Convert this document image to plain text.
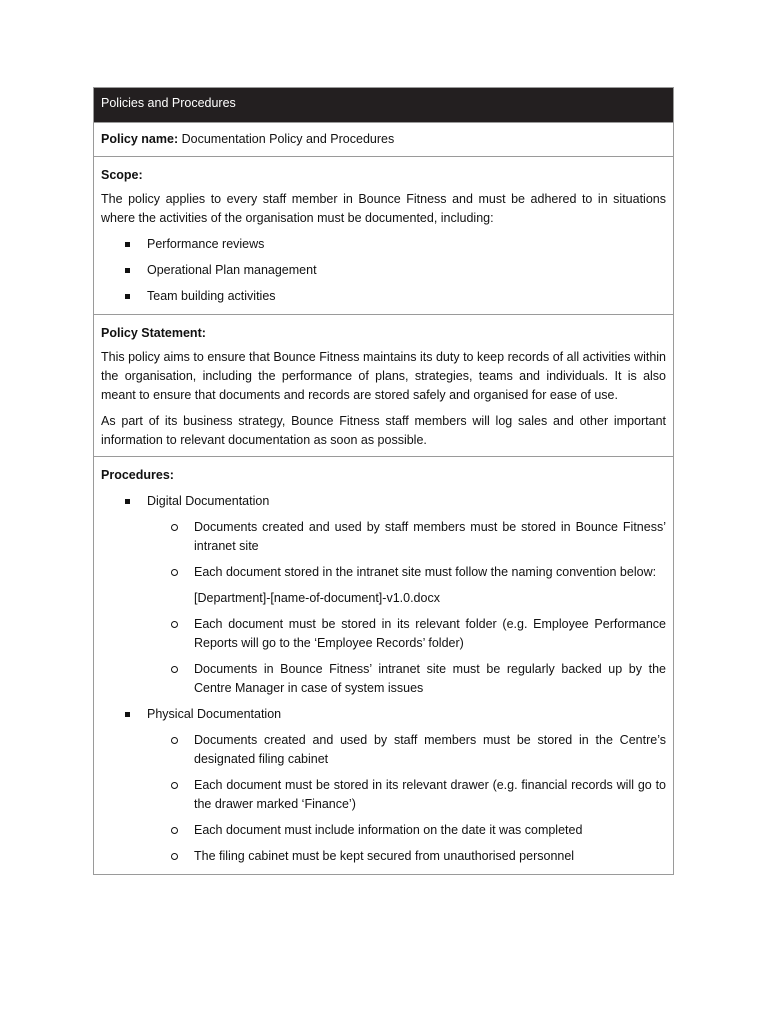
Policies and Procedures
Policy name: Documentation Policy and Procedures
Scope:

The policy applies to every staff member in Bounce Fitness and must be adhered to in situations where the activities of the organisation must be documented, including:

Performance reviews
Operational Plan management
Team building activities
Policy Statement:

This policy aims to ensure that Bounce Fitness maintains its duty to keep records of all activities within the organisation, including the performance of plans, strategies, teams and individuals. It is also meant to ensure that documents and records are stored safely and organised for ease of use.

As part of its business strategy, Bounce Fitness staff members will log sales and other important information to relevant documentation as soon as possible.

Procedures:
Digital Documentation
Documents created and used by staff members must be stored in Bounce Fitness’ intranet site
Each document stored in the intranet site must follow the naming convention below:
[Department]-[name-of-document]-v1.0.docx
Each document must be stored in its relevant folder (e.g. Employee Performance Reports will go to the ‘Employee Records’ folder)
Documents in Bounce Fitness’ intranet site must be regularly backed up by the Centre Manager in case of system issues
Physical Documentation
Documents created and used by staff members must be stored in the Centre’s designated filing cabinet
Each document must be stored in its relevant drawer (e.g. financial records will go to the drawer marked ‘Finance’)
Each document must include information on the date it was completed
The filing cabinet must be kept secured from unauthorised personnel
